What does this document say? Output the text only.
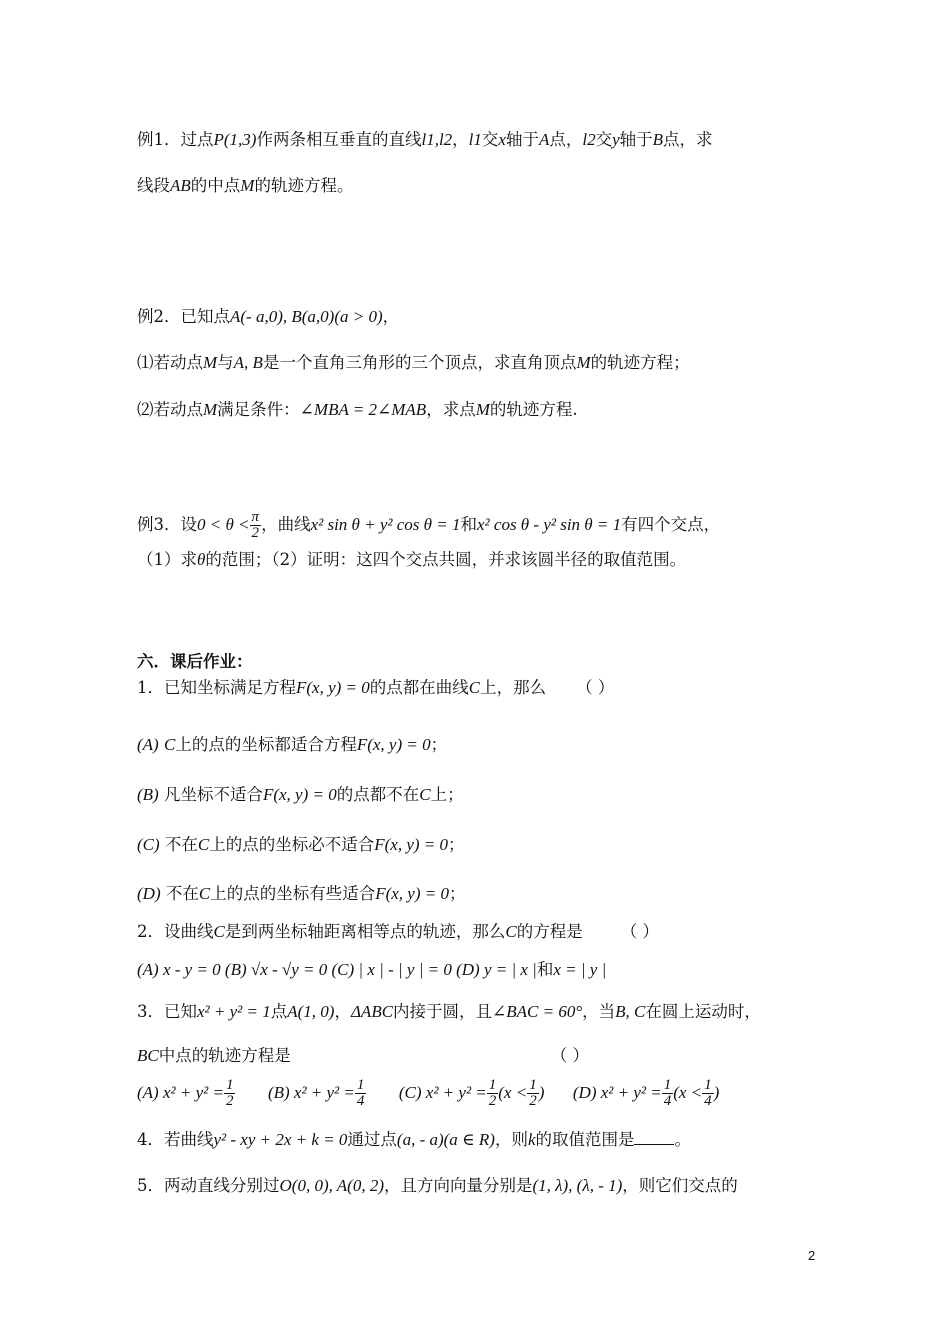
例1．过点P(1,3)作两条相互垂直的直线l1,l2，l1交x轴于A点，l2交y轴于B点，求
线段AB的中点M的轨迹方程。
例2．已知点A(- a,0), B(a,0)(a > 0)，
⑴若动点M与A, B是一个直角三角形的三个顶点，求直角顶点M的轨迹方程；
⑵若动点M满足条件：∠MBA = 2∠MAB，求点M的轨迹方程.
例3．设$0 < \theta < \frac{\pi}{2}$ ，曲线x² sin θ + y² cos θ = 1和x² cos θ - y² sin θ = 1有四个交点，
（1）求θ的范围；（2）证明：这四个交点共圆，并求该圆半径的取值范围。
六．课后作业：
1．已知坐标满足方程F(x, y) = 0的点都在曲线C上，那么 （ ）
(A) C上的点的坐标都适合方程F(x, y) = 0；
(B) 凡坐标不适合F(x, y) = 0的点都不在C上；
(C) 不在C上的点的坐标必不适合F(x, y) = 0；
(D) 不在C上的点的坐标有些适合F(x, y) = 0；
2．设曲线C是到两坐标轴距离相等点的轨迹，那么C的方程是 （ ）
(A) x - y = 0 (B) √x - √y = 0 (C) | x | - | y | = 0 (D) y = | x |和x = | y |
3．已知x² + y² = 1点A(1, 0)，ΔABC内接于圆，且∠BAC = 60°，当B, C在圆上运动时，
BC中点的轨迹方程是	（ ）
(A) $x^2 + y^2 = \frac{1}{2} (B) x^2 + y^2 = \frac{1}{4} (C) x^2 + y^2 = \frac{1}{2} (x < \frac{1}{2}$ ) (D) $x^2 + y^2 = \frac{1}{4} (x < \frac{1}{4}$ )
4．若曲线y² - xy + 2x + k = 0通过点(a, - a)(a ∈ R)，则k的取值范围是 。
5．两动直线分别过O(0, 0), A(0, 2)，且方向向量分别是(1, λ), (λ, - 1)，则它们交点的
2
